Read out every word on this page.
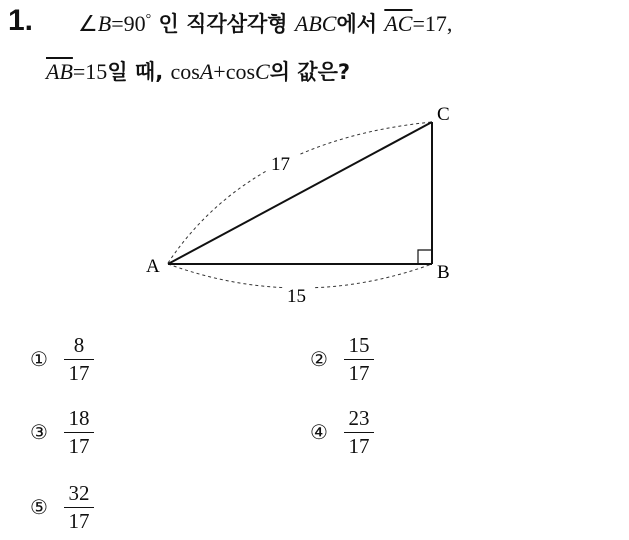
1. ∠B=90° 인 직각삼각형 ABC에서 $\overline{AC}=17$,
$\overline{AB}=15$일 때, cosA+cosC의 값은?
A	B
C
17
15
① $\frac{8}{17}$	② $\frac{15}{17}$
③ $\frac{18}{17}$	④ $\frac{23}{17}$
⑤ $\frac{32}{17}$
